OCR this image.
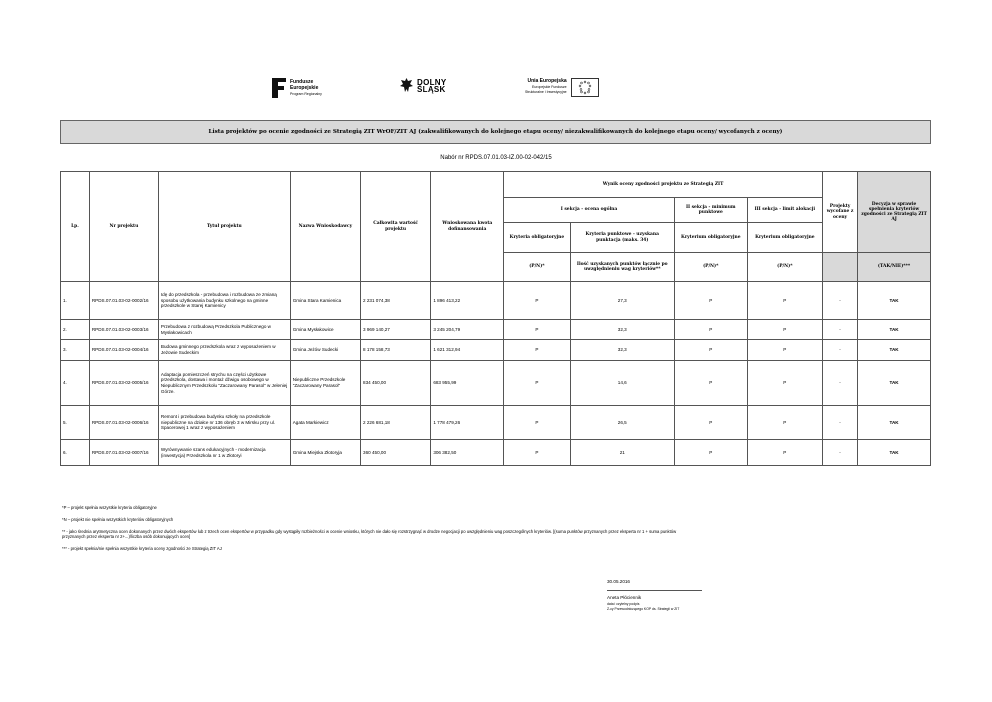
Fundusze
Europejskie
Program Regionalny
DOLNY
ŚLĄSK
Unia Europejska
Europejskie Fundusze
Strukturalne i Inwestycyjne
Lista projektów po ocenie zgodności ze Strategią ZIT WrOF/ZIT AJ (zakwalifikowanych do kolejnego etapu oceny/ niezakwalifikowanych do kolejnego etapu oceny/ wycofanych z oceny)
Nabór nr RPDS.07.01.03-IZ.00-02-042/15
Lp.	Nr projektu	Tytuł projektu	Nazwa Wnioskodawcy	Całkowita wartość projektu	Wnioskowana kwota dofinansowania	Wynik oceny zgodności projektu ze Strategią ZIT				Projekty wycofane z oceny	Decyzja w sprawie spełnienia kryteriów zgodności ze Strategią ZIT AJ
						I sekcja - ocena ogólna		II sekcja - minimum punktowe	III sekcja - limit alokacji		
						Kryteria obligatoryjne	Kryteria punktowe - uzyskana punktacja (maks. 34)	Kryterium obligatoryjne	Kryterium obligatoryjne		
						(P/N)*	Ilość uzyskanych punktów łącznie po uwzględnieniu wag kryteriów**	(P/N)*	(P/N)*		(TAK/NIE)***
1.	RPDS.07.01.03-02-0002/16	Idę do przedszkola - przebudowa i rozbudowa ze zmianą sposobu użytkowania budynku szkolnego na gminne przedszkole w Starej Kamienicy	Gmina Stara Kamienica	2 231 074,38	1 896 413,22	P	27,3	P	P	-	TAK
2.	RPDS.07.01.03-02-0003/16	Przebudowa z rozbudową Przedszkola Publicznego w Mysłakowicach	Gmina Mysłakowice	3 969 140,27	3 245 204,79	P	32,3	P	P	-	TAK
3.	RPDS.07.01.03-02-0004/16	Budowa gminnego przedszkola wraz z wyposażeniem w Jeżowie Sudeckim	Gmina Jeżów Sudecki	8 178 158,73	1 621 312,94	P	32,3	P	P	-	TAK
4.	RPDS.07.01.03-02-0005/16	Adaptacja pomieszczeń strychu na części użytkowe przedszkola, dostawa i montaż dźwigu osobowego w Niepublicznym Przedszkolu "Zaczarowany Parasol" w Jeleniej Górze.	Niepubliczne Przedszkole "Zaczarowany Parasol"	834 450,00	683 955,99	P	14,6	P	P	-	TAK
5.	RPDS.07.01.03-02-0006/16	Remont i przebudowa budynku szkoły na przedszkole niepubliczne na działce nr 136 obręb 3 w Mirsku przy ul. Spacerowej 1 wraz z wyposażeniem	Agata Markiewicz	2 226 681,18	1 778 479,26	P	26,5	P	P	-	TAK
6.	RPDS.07.01.03-02-0007/16	Wyrównywanie szans edukacyjnych - modernizacja (inwestycja) Przedszkola nr 1 w Złotoryi	Gmina Miejska Złotoryja	360 450,00	306 382,50	P	21	P	P	-	TAK

*P – projekt spełnia wszystkie kryteria obligatoryjne

*N – projekt nie spełnia wszystkich kryteriów obligatoryjnych

** - jako średnia arytmetyczna ocen dokonanych przez dwóch ekspertów lub z trzech ocen ekspertów w przypadku gdy wystąpiły rozbieżności w ocenie wniosku, których nie dało się rozstrzygnąć w drodze negocjacji po uwzględnieniu wag poszczególnych kryteriów. [(suma punktów przyznanych przez eksperta nr 1 + suma punktów przyznanych przez eksperta nr 2+...)/liczba osób dokonujących ocen]

*** - projekt spełnia/nie spełnia wszystkie kryteria oceny zgodności ze Strategią ZIT AJ

30.05.2016
Aneta Płóciennik
data i czytelny podpis
Z-cy Przewodniczącego KOP ds. Strategii w ZIT
